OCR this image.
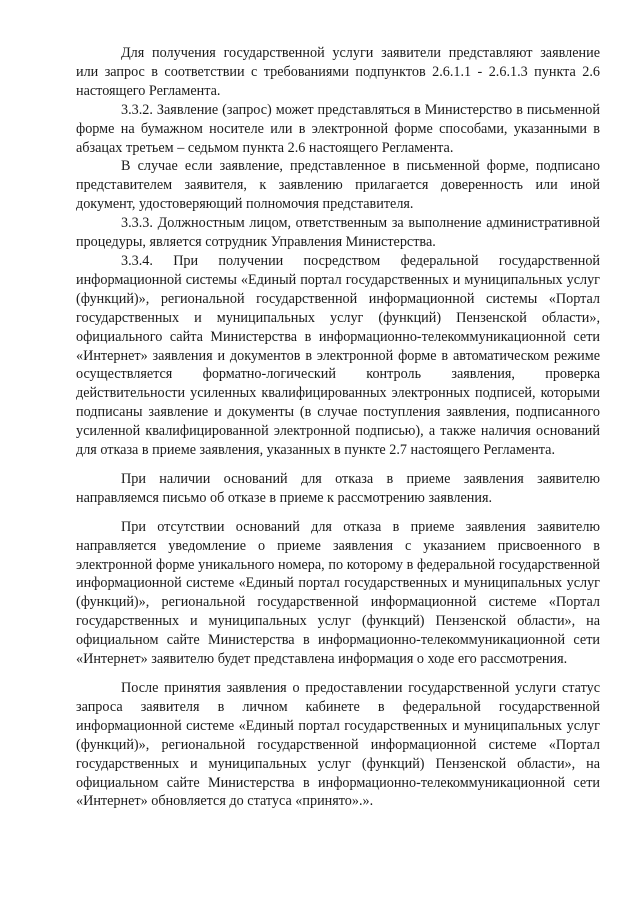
Для получения государственной услуги заявители представляют заявление или запрос в соответствии с требованиями подпунктов 2.6.1.1 - 2.6.1.3 пункта 2.6 настоящего Регламента.

3.3.2. Заявление (запрос) может представляться в Министерство в письменной форме на бумажном носителе или в электронной форме способами, указанными в абзацах третьем – седьмом пункта 2.6 настоящего Регламента.

В случае если заявление, представленное в письменной форме, подписано представителем заявителя, к заявлению прилагается доверенность или иной документ, удостоверяющий полномочия представителя.

3.3.3. Должностным лицом, ответственным за выполнение административной процедуры, является сотрудник Управления Министерства.

3.3.4. При получении посредством федеральной государственной информационной системы «Единый портал государственных и муниципальных услуг (функций)», региональной государственной информационной системы «Портал государственных и муниципальных услуг (функций) Пензенской области», официального сайта Министерства в информационно-телекоммуникационной сети «Интернет» заявления и документов в электронной форме в автоматическом режиме осуществляется форматно-логический контроль заявления, проверка действительности усиленных квалифицированных электронных подписей, которыми подписаны заявление и документы (в случае поступления заявления, подписанного усиленной квалифицированной электронной подписью), а также наличия оснований для отказа в приеме заявления, указанных в пункте 2.7 настоящего Регламента.

При наличии оснований для отказа в приеме заявления заявителю направляемся письмо об отказе в приеме к рассмотрению заявления.

При отсутствии оснований для отказа в приеме заявления заявителю направляется уведомление о приеме заявления с указанием присвоенного в электронной форме уникального номера, по которому в федеральной государственной информационной системе «Единый портал государственных и муниципальных услуг (функций)», региональной государственной информационной системе «Портал государственных и муниципальных услуг (функций) Пензенской области», на официальном сайте Министерства в информационно-телекоммуникационной сети «Интернет» заявителю будет представлена информация о ходе его рассмотрения.

После принятия заявления о предоставлении государственной услуги статус запроса заявителя в личном кабинете в федеральной государственной информационной системе «Единый портал государственных и муниципальных услуг (функций)», региональной государственной информационной системе «Портал государственных и муниципальных услуг (функций) Пензенской области», на официальном сайте Министерства в информационно-телекоммуникационной сети «Интернет» обновляется до статуса «принято».».
